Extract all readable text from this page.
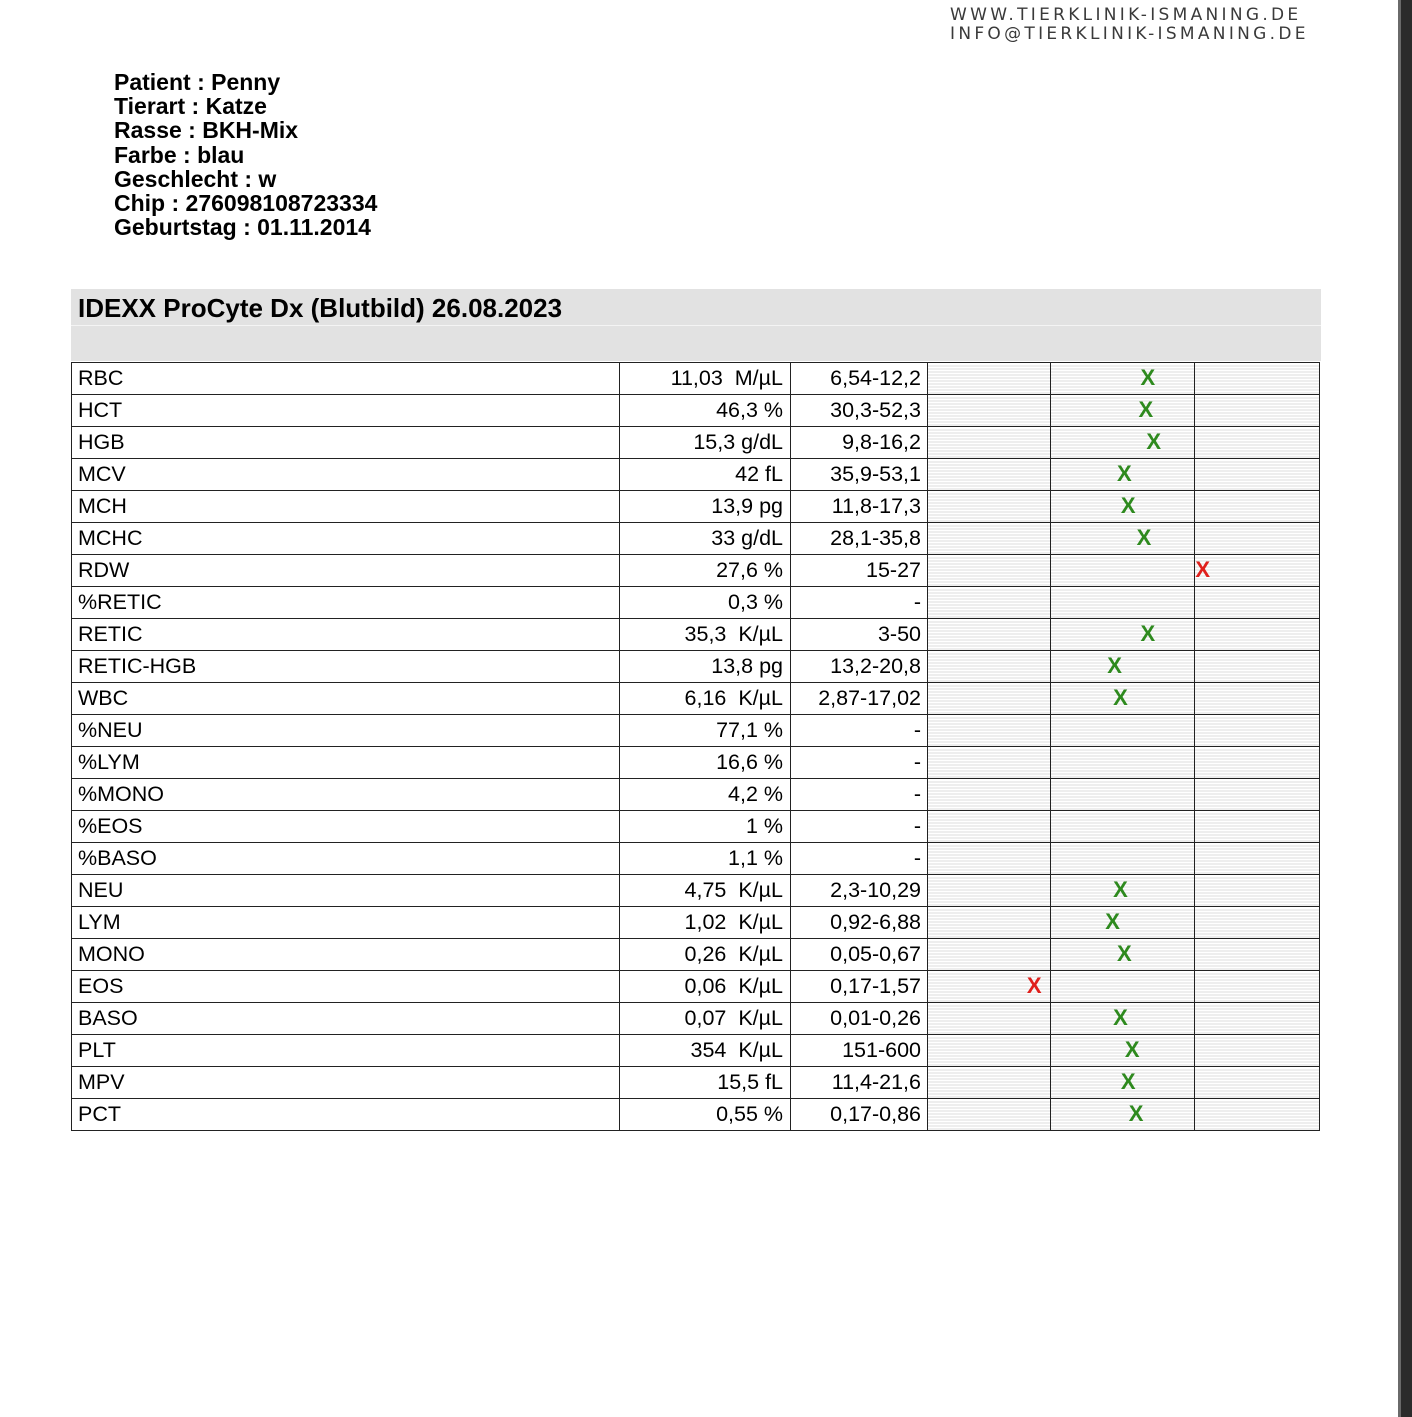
WWW.TIERKLINIK-ISMANING.DE
INFO@TIERKLINIK-ISMANING.DE
Patient : Penny
Tierart : Katze
Rasse : BKH-Mix
Farbe : blau
Geschlecht : w
Chip : 276098108723334
Geburtstag : 01.11.2014
IDEXX ProCyte Dx (Blutbild) 26.08.2023
RBC	11,03  M/µL	6,54-12,2		X	

HCT	46,3 %	30,3-52,3		X	

HGB	15,3 g/dL	9,8-16,2		X	

MCV	42 fL	35,9-53,1		X	

MCH	13,9 pg	11,8-17,3		X	

MCHC	33 g/dL	28,1-35,8		X	

RDW	27,6 %	15-27			X

%RETIC	0,3 %	-			
RETIC	35,3  K/µL	3-50		X	

RETIC-HGB	13,8 pg	13,2-20,8		X	

WBC	6,16  K/µL	2,87-17,02		X	

%NEU	77,1 %	-			
%LYM	16,6 %	-			
%MONO	4,2 %	-			
%EOS	1 %	-			
%BASO	1,1 %	-			
NEU	4,75  K/µL	2,3-10,29		X	

LYM	1,02  K/µL	0,92-6,88		X	

MONO	0,26  K/µL	0,05-0,67		X	

EOS	0,06  K/µL	0,17-1,57	X		

BASO	0,07  K/µL	0,01-0,26		X	

PLT	354  K/µL	151-600		X	

MPV	15,5 fL	11,4-21,6		X	

PCT	0,55 %	0,17-0,86		X	
